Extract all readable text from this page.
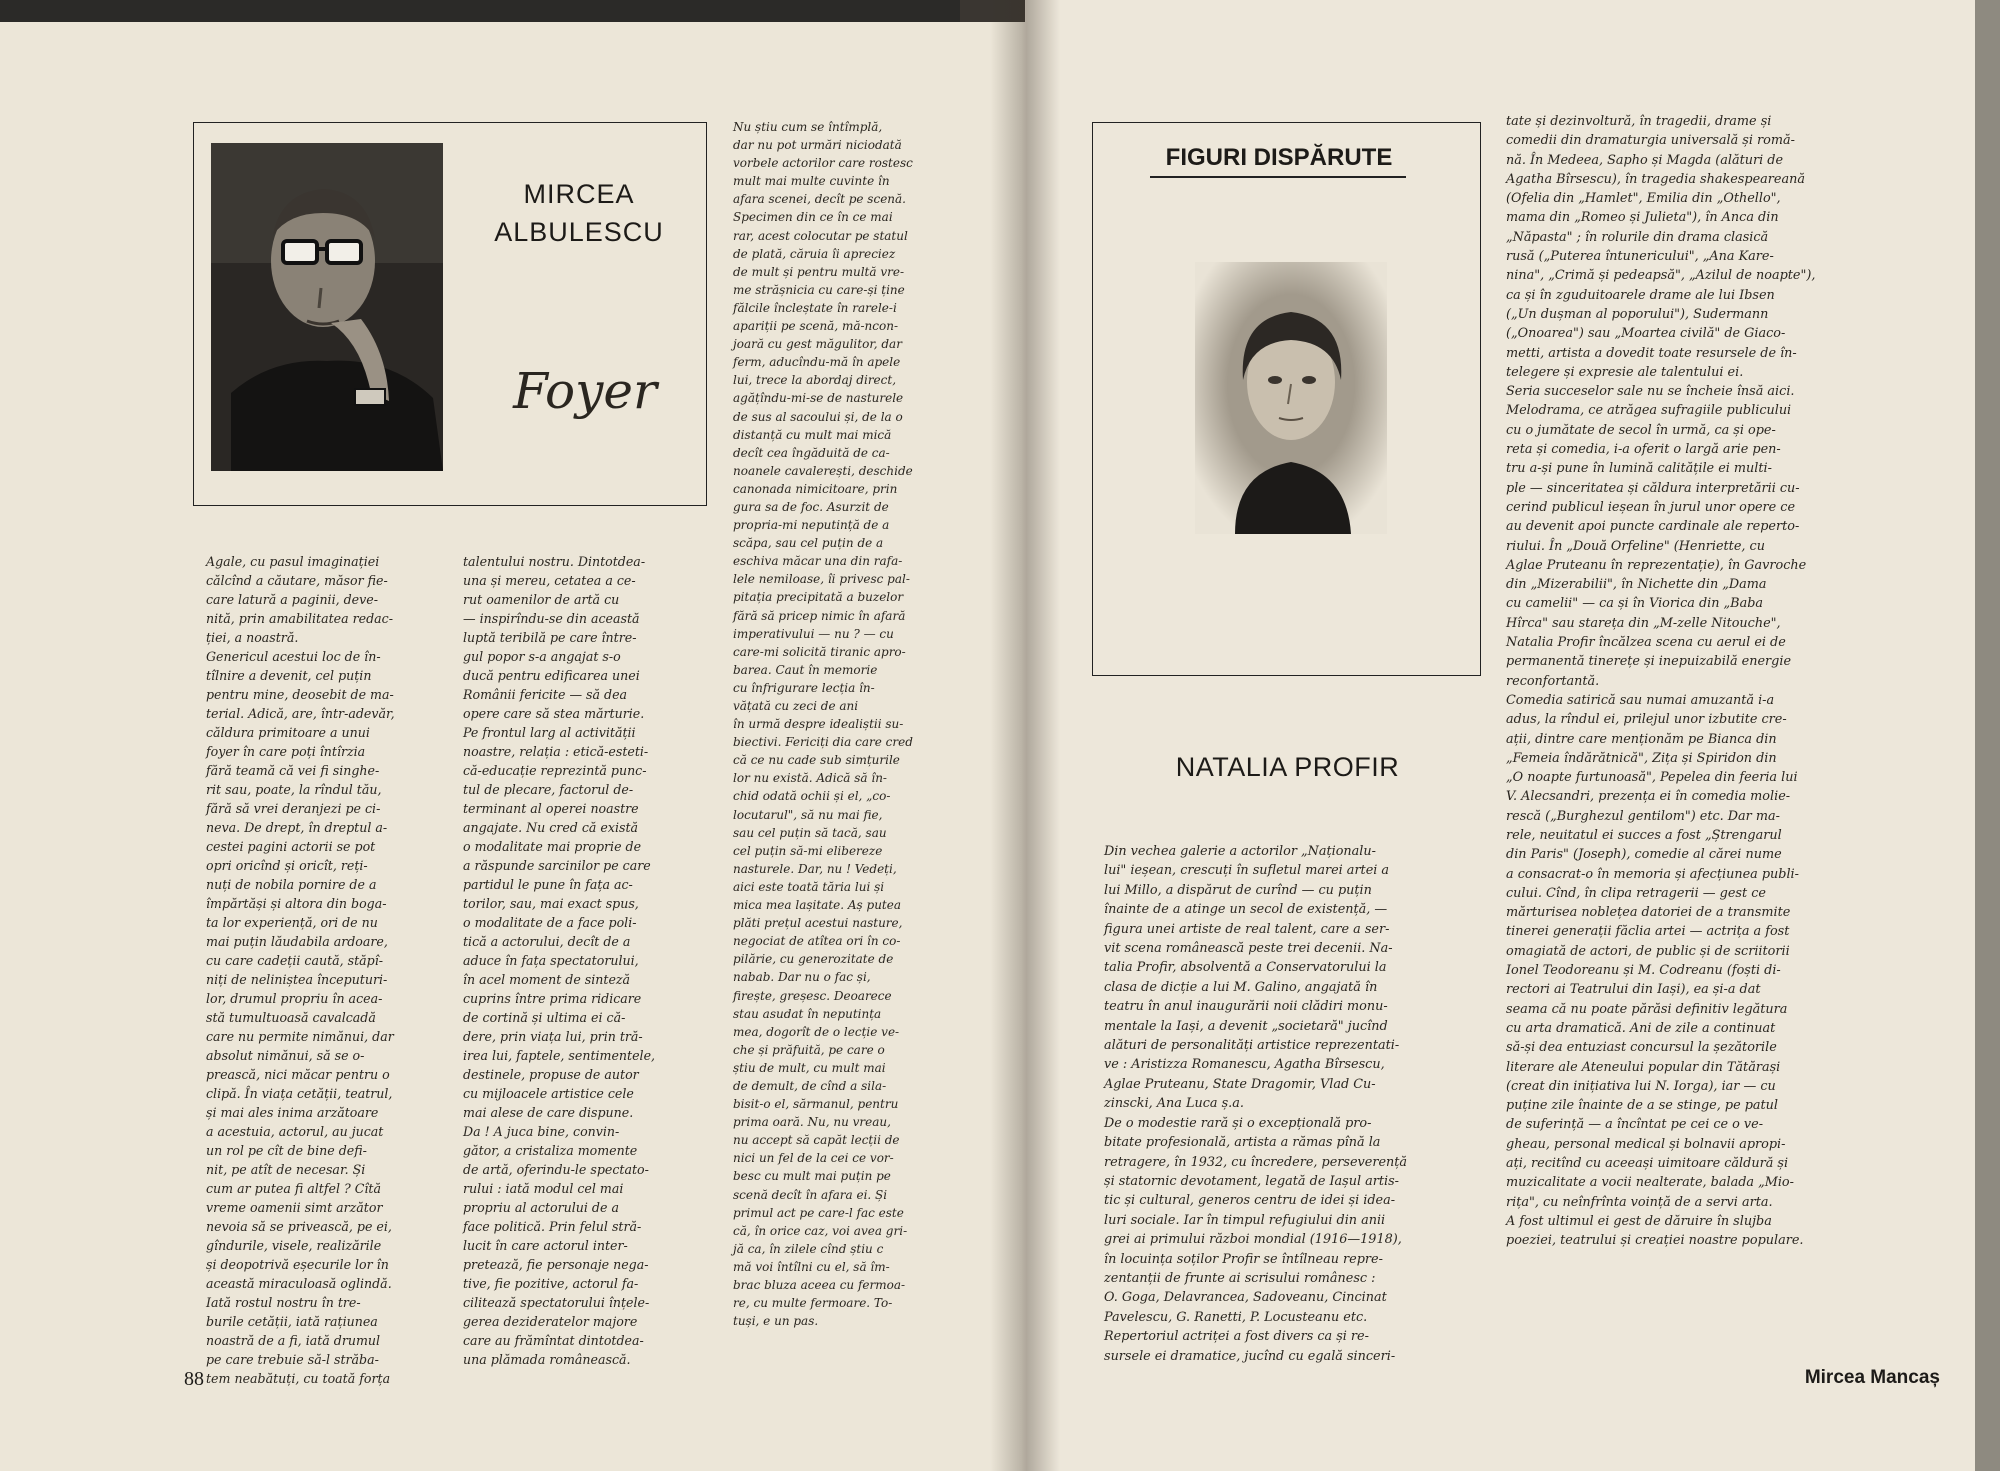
MIRCEA
ALBULESCU
Foyer
Agale, cu pasul imaginației
călcînd a căutare, măsor fie-
care latură a paginii, deve-
nită, prin amabilitatea redac-
ției, a noastră.
Genericul acestui loc de în-
tîlnire a devenit, cel puțin
pentru mine, deosebit de ma-
terial. Adică, are, într-adevăr,
căldura primitoare a unui
foyer în care poți întîrzia
fără teamă că vei fi singhe-
rit sau, poate, la rîndul tău,
fără să vrei deranjezi pe ci-
neva. De drept, în dreptul a-
cestei pagini actorii se pot
opri oricînd și oricît, reți-
nuți de nobila pornire de a
împărtăși și altora din boga-
ta lor experiență, ori de nu
mai puțin lăudabila ardoare,
cu care cadeții caută, stăpî-
niți de neliniștea începuturi-
lor, drumul propriu în acea-
stă tumultuoasă cavalcadă
care nu permite nimănui, dar
absolut nimănui, să se o-
prească, nici măcar pentru o
clipă. În viața cetății, teatrul,
și mai ales inima arzătoare
a acestuia, actorul, au jucat
un rol pe cît de bine defi-
nit, pe atît de necesar. Și
cum ar putea fi altfel ? Cîtă
vreme oamenii simt arzător
nevoia să se privească, pe ei,
gîndurile, visele, realizările
și deopotrivă eșecurile lor în
această miraculoasă oglindă.
Iată rostul nostru în tre-
burile cetății, iată rațiunea
noastră de a fi, iată drumul
pe care trebuie să-l străba-
tem neabătuți, cu toată forța
talentului nostru. Dintotdea-
una și mereu, cetatea a ce-
rut oamenilor de artă cu
— inspirîndu-se din această
luptă teribilă pe care între-
gul popor s-a angajat s-o
ducă pentru edificarea unei
Românii fericite — să dea
opere care să stea mărturie.
Pe frontul larg al activității
noastre, relația : etică-esteti-
că-educație reprezintă punc-
tul de plecare, factorul de-
terminant al operei noastre
angajate. Nu cred că există
o modalitate mai proprie de
a răspunde sarcinilor pe care
partidul le pune în fața ac-
torilor, sau, mai exact spus,
o modalitate de a face poli-
tică a actorului, decît de a
aduce în fața spectatorului,
în acel moment de sinteză
cuprins între prima ridicare
de cortină și ultima ei că-
dere, prin viața lui, prin tră-
irea lui, faptele, sentimentele,
destinele, propuse de autor
cu mijloacele artistice cele
mai alese de care dispune.
Da ! A juca bine, convin-
gător, a cristaliza momente
de artă, oferindu-le spectato-
rului : iată modul cel mai
propriu al actorului de a
face politică. Prin felul stră-
lucit în care actorul inter-
pretează, fie personaje nega-
tive, fie pozitive, actorul fa-
cilitează spectatorului înțele-
gerea dezideratelor majore
care au frămîntat dintotdea-
una plămada românească.
Nu știu cum se întîmplă,
dar nu pot urmări niciodată
vorbele actorilor care rostesc
mult mai multe cuvinte în
afara scenei, decît pe scenă.
Specimen din ce în ce mai
rar, acest colocutar pe statul
de plată, căruia îi apreciez
de mult și pentru multă vre-
me strășnicia cu care-și ține
fălcile încleștate în rarele-i
apariții pe scenă, mă-ncon-
joară cu gest măgulitor, dar
ferm, aducîndu-mă în apele
lui, trece la abordaj direct,
agățîndu-mi-se de nasturele
de sus al sacoului și, de la o
distanță cu mult mai mică
decît cea îngăduită de ca-
noanele cavalerești, deschide
canonada nimicitoare, prin
gura sa de foc. Asurzit de
propria-mi neputință de a
scăpa, sau cel puțin de a
eschiva măcar una din rafa-
lele nemiloase, îi privesc pal-
pitația precipitată a buzelor
fără să pricep nimic în afară
imperativului — nu ? — cu
care-mi solicită tiranic apro-
barea. Caut în memorie
cu înfrigurare lecția în-
vățată cu zeci de ani
în urmă despre idealiștii su-
biectivi. Fericiți dia care cred
că ce nu cade sub simțurile
lor nu există. Adică să în-
chid odată ochii și el, „co-
locutarul", să nu mai fie,
sau cel puțin să tacă, sau
cel puțin să-mi elibereze
nasturele. Dar, nu ! Vedeți,
aici este toată tăria lui și
mica mea lașitate. Aș putea
plăti prețul acestui nasture,
negociat de atîtea ori în co-
pilărie, cu generozitate de
nabab. Dar nu o fac și,
firește, greșesc. Deoarece
stau asudat în neputința
mea, dogorît de o lecție ve-
che și prăfuită, pe care o
știu de mult, cu mult mai
de demult, de cînd a sila-
bisit-o el, sărmanul, pentru
prima oară. Nu, nu vreau,
nu accept să capăt lecții de
nici un fel de la cei ce vor-
besc cu mult mai puțin pe
scenă decît în afara ei. Și
primul act pe care-l fac este
că, în orice caz, voi avea gri-
jă ca, în zilele cînd știu c
mă voi întîlni cu el, să îm-
brac bluza aceea cu fermoa-
re, cu multe fermoare. To-
tuși, e un pas.
88
FIGURI DISPĂRUTE
NATALIA PROFIR
Din vechea galerie a actorilor „Naționalu-
lui" ieșean, crescuți în sufletul marei artei a
lui Millo, a dispărut de curînd — cu puțin
înainte de a atinge un secol de existență, —
figura unei artiste de real talent, care a ser-
vit scena românească peste trei decenii. Na-
talia Profir, absolventă a Conservatorului la
clasa de dicție a lui M. Galino, angajată în
teatru în anul inaugurării noii clădiri monu-
mentale la Iași, a devenit „societară" jucînd
alături de personalități artistice reprezentati-
ve : Aristizza Romanescu, Agatha Bîrsescu,
Aglae Pruteanu, State Dragomir, Vlad Cu-
zinscki, Ana Luca ș.a.
De o modestie rară și o excepțională pro-
bitate profesională, artista a rămas pînă la
retragere, în 1932, cu încredere, perseverență
și statornic devotament, legată de Iașul artis-
tic și cultural, generos centru de idei și idea-
luri sociale. Iar în timpul refugiului din anii
grei ai primului război mondial (1916—1918),
în locuința soților Profir se întîlneau repre-
zentanții de frunte ai scrisului românesc :
O. Goga, Delavrancea, Sadoveanu, Cincinat
Pavelescu, G. Ranetti, P. Locusteanu etc.
Repertoriul actriței a fost divers ca și re-
sursele ei dramatice, jucînd cu egală sinceri-
tate și dezinvoltură, în tragedii, drame și
comedii din dramaturgia universală și romă-
nă. În Medeea, Sapho și Magda (alături de
Agatha Bîrsescu), în tragedia shakespeareană
(Ofelia din „Hamlet", Emilia din „Othello",
mama din „Romeo și Julieta"), în Anca din
„Năpasta" ; în rolurile din drama clasică
rusă („Puterea întunericului", „Ana Kare-
nina", „Crimă și pedeapsă", „Azilul de noapte"),
ca și în zguduitoarele drame ale lui Ibsen
(„Un dușman al poporului"), Sudermann
(„Onoarea") sau „Moartea civilă" de Giaco-
metti, artista a dovedit toate resursele de în-
telegere și expresie ale talentului ei.
Seria succeselor sale nu se încheie însă aici.
Melodrama, ce atrăgea sufragiile publicului
cu o jumătate de secol în urmă, ca și ope-
reta și comedia, i-a oferit o largă arie pen-
tru a-și pune în lumină calitățile ei multi-
ple — sinceritatea și căldura interpretării cu-
cerind publicul ieșean în jurul unor opere ce
au devenit apoi puncte cardinale ale reperto-
riului. În „Două Orfeline" (Henriette, cu
Aglae Pruteanu în reprezentație), în Gavroche
din „Mizerabilii", în Nichette din „Dama
cu camelii" — ca și în Viorica din „Baba
Hîrca" sau stareța din „M-zelle Nitouche",
Natalia Profir încălzea scena cu aerul ei de
permanentă tinerețe și inepuizabilă energie
reconfortantă.
Comedia satirică sau numai amuzantă i-a
adus, la rîndul ei, prilejul unor izbutite cre-
ații, dintre care menționăm pe Bianca din
„Femeia îndărătnică", Zița și Spiridon din
„O noapte furtunoasă", Pepelea din feeria lui
V. Alecsandri, prezența ei în comedia molie-
rescă („Burghezul gentilom") etc. Dar ma-
rele, neuitatul ei succes a fost „Ștrengarul
din Paris" (Joseph), comedie al cărei nume
a consacrat-o în memoria și afecțiunea publi-
cului. Cînd, în clipa retragerii — gest ce
mărturisea noblețea datoriei de a transmite
tinerei generații făclia artei — actrița a fost
omagiată de actori, de public și de scriitorii
Ionel Teodoreanu și M. Codreanu (foști di-
rectori ai Teatrului din Iași), ea și-a dat
seama că nu poate părăsi definitiv legătura
cu arta dramatică. Ani de zile a continuat
să-și dea entuziast concursul la șezătorile
literare ale Ateneului popular din Tătărași
(creat din inițiativa lui N. Iorga), iar — cu
puține zile înainte de a se stinge, pe patul
de suferință — a încîntat pe cei ce o ve-
gheau, personal medical și bolnavii apropi-
ați, recitînd cu aceeași uimitoare căldură și
muzicalitate a vocii nealterate, balada „Mio-
rița", cu neînfrînta voință de a servi arta.
A fost ultimul ei gest de dăruire în slujba
poeziei, teatrului și creației noastre populare.
Mircea Mancaș
